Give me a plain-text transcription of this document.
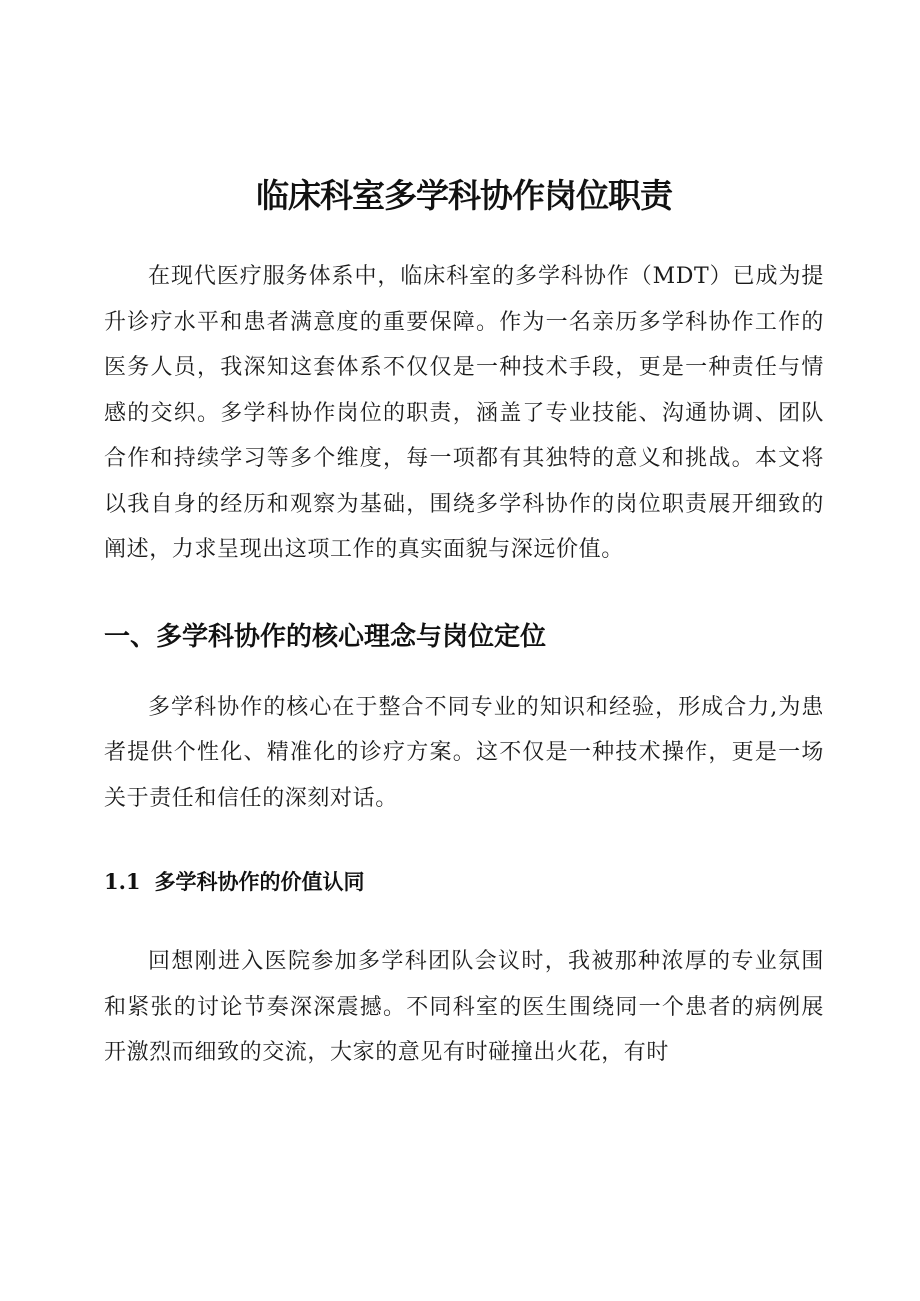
临床科室多学科协作岗位职责

在现代医疗服务体系中，临床科室的多学科协作（MDT）已成为提升诊疗水平和患者满意度的重要保障。作为一名亲历多学科协作工作的医务人员，我深知这套体系不仅仅是一种技术手段，更是一种责任与情感的交织。多学科协作岗位的职责，涵盖了专业技能、沟通协调、团队合作和持续学习等多个维度，每一项都有其独特的意义和挑战。本文将以我自身的经历和观察为基础，围绕多学科协作的岗位职责展开细致的阐述，力求呈现出这项工作的真实面貌与深远价值。

一、多学科协作的核心理念与岗位定位

多学科协作的核心在于整合不同专业的知识和经验，形成合力,为患者提供个性化、精准化的诊疗方案。这不仅是一种技术操作，更是一场关于责任和信任的深刻对话。

1.1 多学科协作的价值认同

回想刚进入医院参加多学科团队会议时，我被那种浓厚的专业氛围和紧张的讨论节奏深深震撼。不同科室的医生围绕同一个患者的病例展开激烈而细致的交流，大家的意见有时碰撞出火花，有时
